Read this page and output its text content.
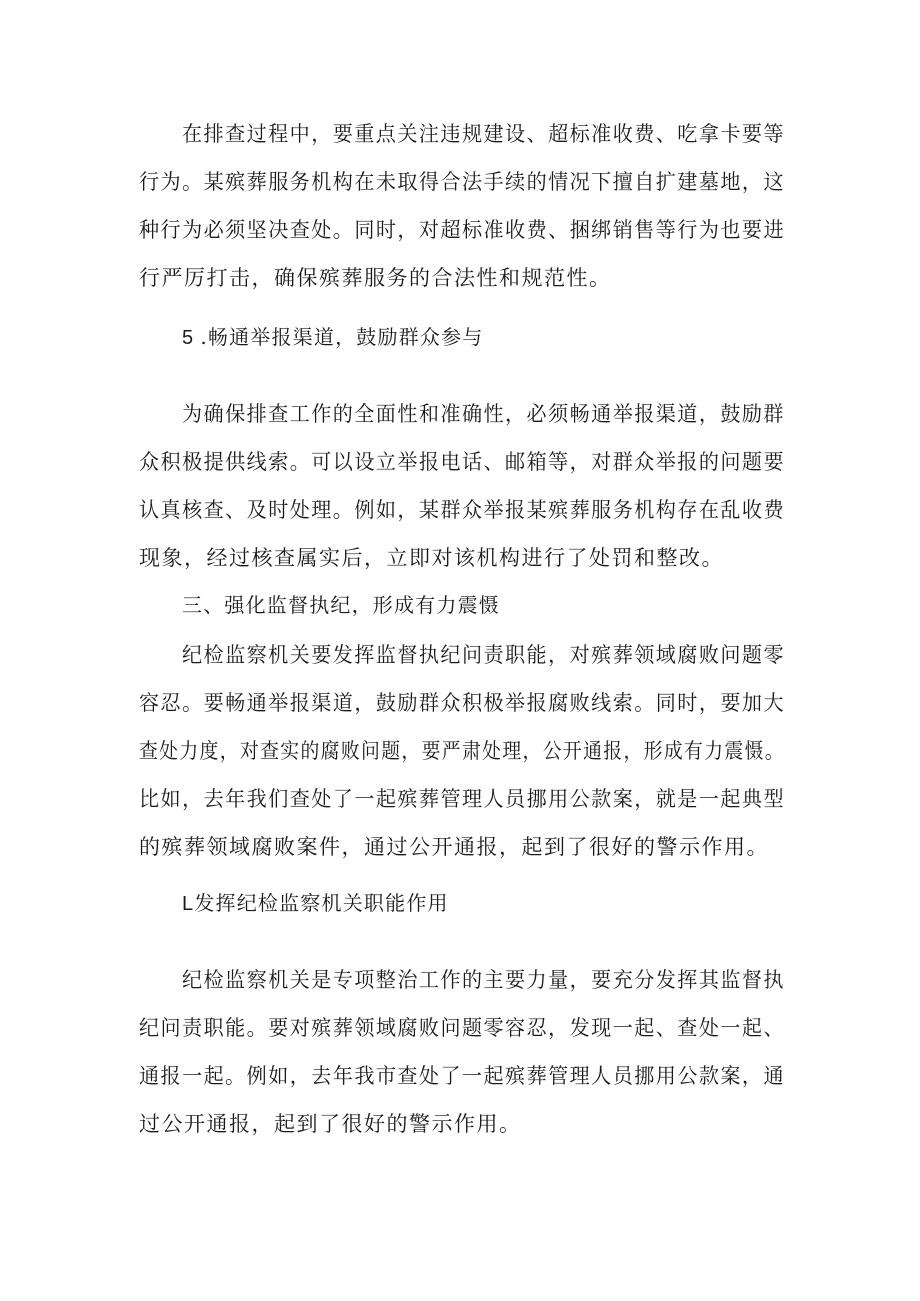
在排查过程中，要重点关注违规建设、超标准收费、吃拿卡要等
行为。某殡葬服务机构在未取得合法手续的情况下擅自扩建墓地，这
种行为必须坚决查处。同时，对超标准收费、捆绑销售等行为也要进
行严厉打击，确保殡葬服务的合法性和规范性。
5 .畅通举报渠道，鼓励群众参与
为确保排查工作的全面性和准确性，必须畅通举报渠道，鼓励群
众积极提供线索。可以设立举报电话、邮箱等，对群众举报的问题要
认真核查、及时处理。例如，某群众举报某殡葬服务机构存在乱收费
现象，经过核查属实后，立即对该机构进行了处罚和整改。
三、强化监督执纪，形成有力震慑
纪检监察机关要发挥监督执纪问责职能，对殡葬领域腐败问题零
容忍。要畅通举报渠道，鼓励群众积极举报腐败线索。同时，要加大
查处力度，对查实的腐败问题，要严肃处理，公开通报，形成有力震慑。
比如，去年我们查处了一起殡葬管理人员挪用公款案，就是一起典型
的殡葬领域腐败案件，通过公开通报，起到了很好的警示作用。
L发挥纪检监察机关职能作用
纪检监察机关是专项整治工作的主要力量，要充分发挥其监督执
纪问责职能。要对殡葬领域腐败问题零容忍，发现一起、查处一起、
通报一起。例如，去年我市查处了一起殡葬管理人员挪用公款案，通
过公开通报，起到了很好的警示作用。
